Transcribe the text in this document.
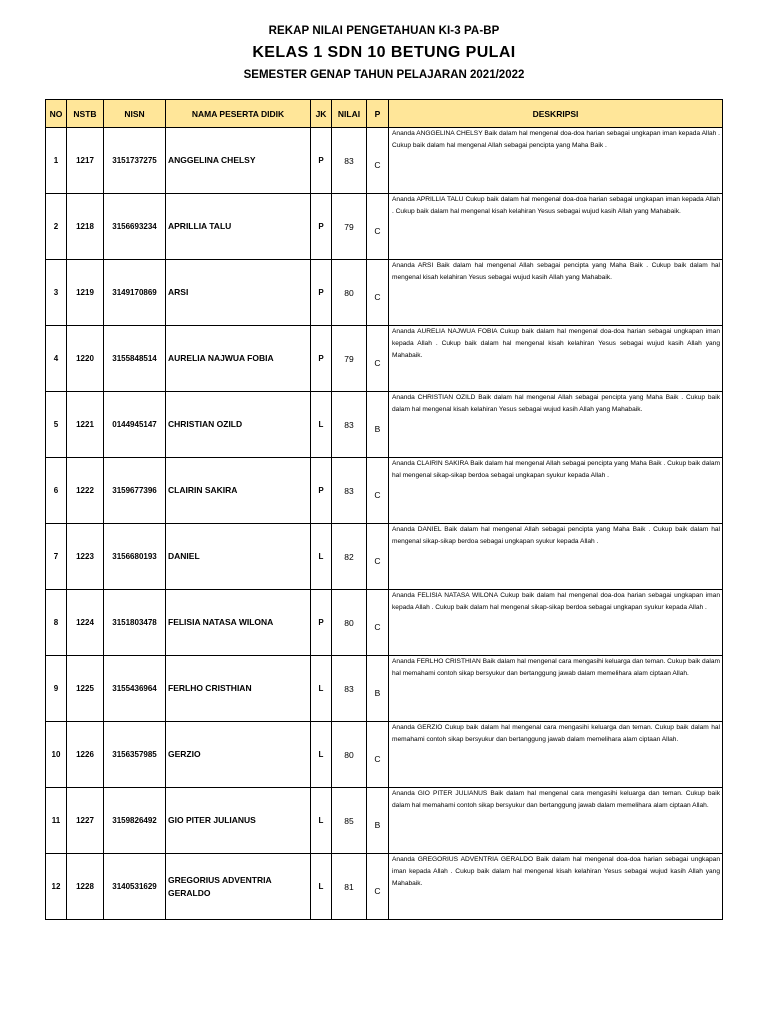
REKAP NILAI PENGETAHUAN KI-3 PA-BP
KELAS 1 SDN 10 BETUNG PULAI
SEMESTER GENAP TAHUN PELAJARAN 2021/2022
NO	NSTB	NISN	NAMA PESERTA DIDIK	JK	NILAI	P	DESKRIPSI
1	1217	3151737275	ANGGELINA CHELSY	P	83	C	Ananda ANGGELINA CHELSY Baik dalam hal mengenal doa-doa harian sebagai ungkapan iman kepada Allah . Cukup baik dalam hal mengenal Allah sebagai pencipta yang Maha Baik .
2	1218	3156693234	APRILLIA TALU	P	79	C	Ananda APRILLIA TALU Cukup baik dalam hal mengenal doa-doa harian sebagai ungkapan iman kepada Allah . Cukup baik dalam hal mengenal kisah kelahiran Yesus sebagai wujud kasih Allah yang Mahabaik.
3	1219	3149170869	ARSI	P	80	C	Ananda ARSI Baik dalam hal mengenal Allah sebagai pencipta yang Maha Baik . Cukup baik dalam hal mengenal kisah kelahiran Yesus sebagai wujud kasih Allah yang Mahabaik.
4	1220	3155848514	AURELIA NAJWUA FOBIA	P	79	C	Ananda AURELIA NAJWUA FOBIA Cukup baik dalam hal mengenal doa-doa harian sebagai ungkapan iman kepada Allah . Cukup baik dalam hal mengenal kisah kelahiran Yesus sebagai wujud kasih Allah yang Mahabaik.
5	1221	0144945147	CHRISTIAN OZILD	L	83	B	Ananda CHRISTIAN OZILD Baik dalam hal mengenal Allah sebagai pencipta yang Maha Baik . Cukup baik dalam hal mengenal kisah kelahiran Yesus sebagai wujud kasih Allah yang Mahabaik.
6	1222	3159677396	CLAIRIN SAKIRA	P	83	C	Ananda CLAIRIN SAKIRA Baik dalam hal mengenal Allah sebagai pencipta yang Maha Baik . Cukup baik dalam hal mengenal sikap-sikap berdoa sebagai ungkapan syukur kepada Allah .
7	1223	3156680193	DANIEL	L	82	C	Ananda DANIEL Baik dalam hal mengenal Allah sebagai pencipta yang Maha Baik . Cukup baik dalam hal mengenal sikap-sikap berdoa sebagai ungkapan syukur kepada Allah .
8	1224	3151803478	FELISIA NATASA WILONA	P	80	C	Ananda FELISIA NATASA WILONA Cukup baik dalam hal mengenal doa-doa harian sebagai ungkapan iman kepada Allah . Cukup baik dalam hal mengenal sikap-sikap berdoa sebagai ungkapan syukur kepada Allah .
9	1225	3155436964	FERLHO CRISTHIAN	L	83	B	Ananda FERLHO CRISTHIAN Baik dalam hal mengenal cara mengasihi keluarga dan teman. Cukup baik dalam hal memahami contoh sikap bersyukur dan bertanggung jawab dalam memelihara alam ciptaan Allah.
10	1226	3156357985	GERZIO	L	80	C	Ananda GERZIO Cukup baik dalam hal mengenal cara mengasihi keluarga dan teman. Cukup baik dalam hal memahami contoh sikap bersyukur dan bertanggung jawab dalam memelihara alam ciptaan Allah.
11	1227	3159826492	GIO PITER JULIANUS	L	85	B	Ananda GIO PITER JULIANUS Baik dalam hal mengenal cara mengasihi keluarga dan teman. Cukup baik dalam hal memahami contoh sikap bersyukur dan bertanggung jawab dalam memelihara alam ciptaan Allah.
12	1228	3140531629	GREGORIUS ADVENTRIA GERALDO	L	81	C	Ananda GREGORIUS ADVENTRIA GERALDO Baik dalam hal mengenal doa-doa harian sebagai ungkapan iman kepada Allah . Cukup baik dalam hal mengenal kisah kelahiran Yesus sebagai wujud kasih Allah yang Mahabaik.
